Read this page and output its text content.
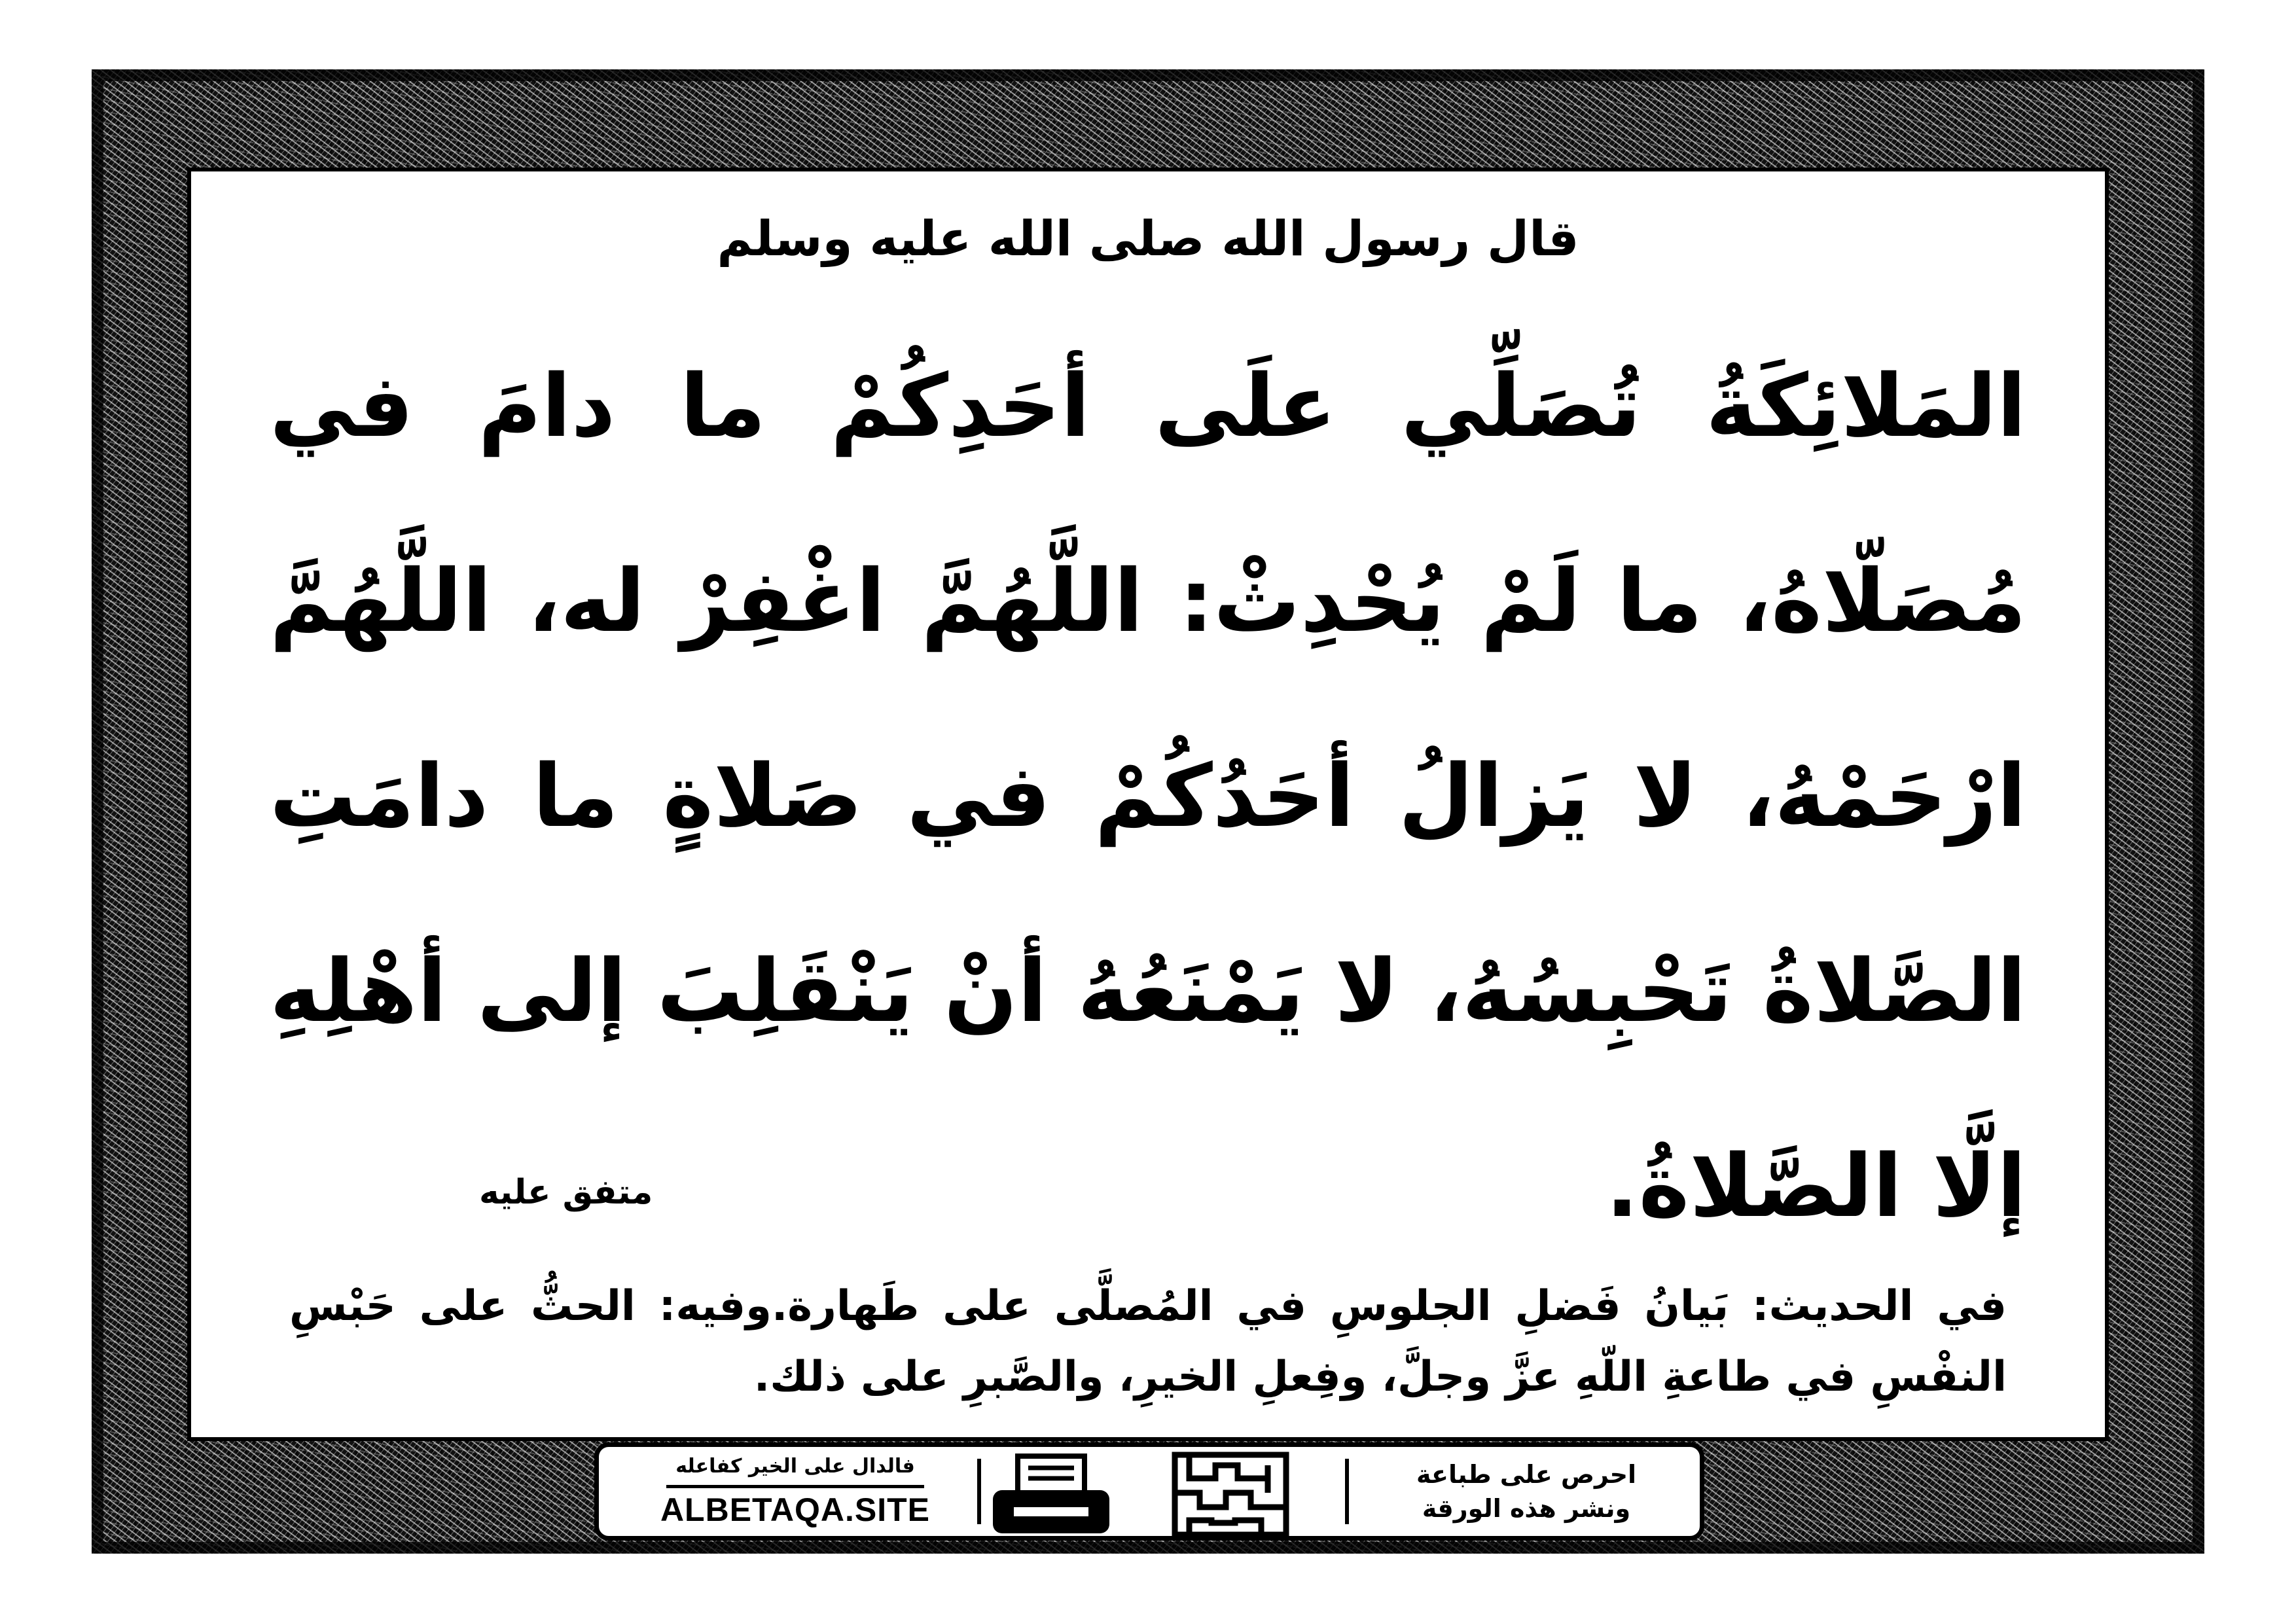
قال رسول الله صلى الله عليه وسلم
المَلائِكَةُ تُصَلِّي علَى أحَدِكُمْ ما دامَ في مُصَلّاهُ، ما لَمْ يُحْدِثْ: اللَّهُمَّ اغْفِرْ له، اللَّهُمَّ ارْحَمْهُ، لا يَزالُ أحَدُكُمْ في صَلاةٍ ما دامَتِ الصَّلاةُ تَحْبِسُهُ، لا يَمْنَعُهُ أنْ يَنْقَلِبَ إلى أهْلِهِ إلَّا الصَّلاةُ.
متفق عليه
في الحديث: بَيانُ فَضلِ الجلوسِ في المُصلَّى على طَهارة.وفيه: الحثُّ على حَبْسِ النفْسِ في طاعةِ اللّهِ عزَّ وجلَّ، وفِعلِ الخيرِ، والصَّبرِ على ذلك.
احرص على طباعة
ونشر هذه الورقة
فالدال على الخير كفاعله
ALBETAQA.SITE
